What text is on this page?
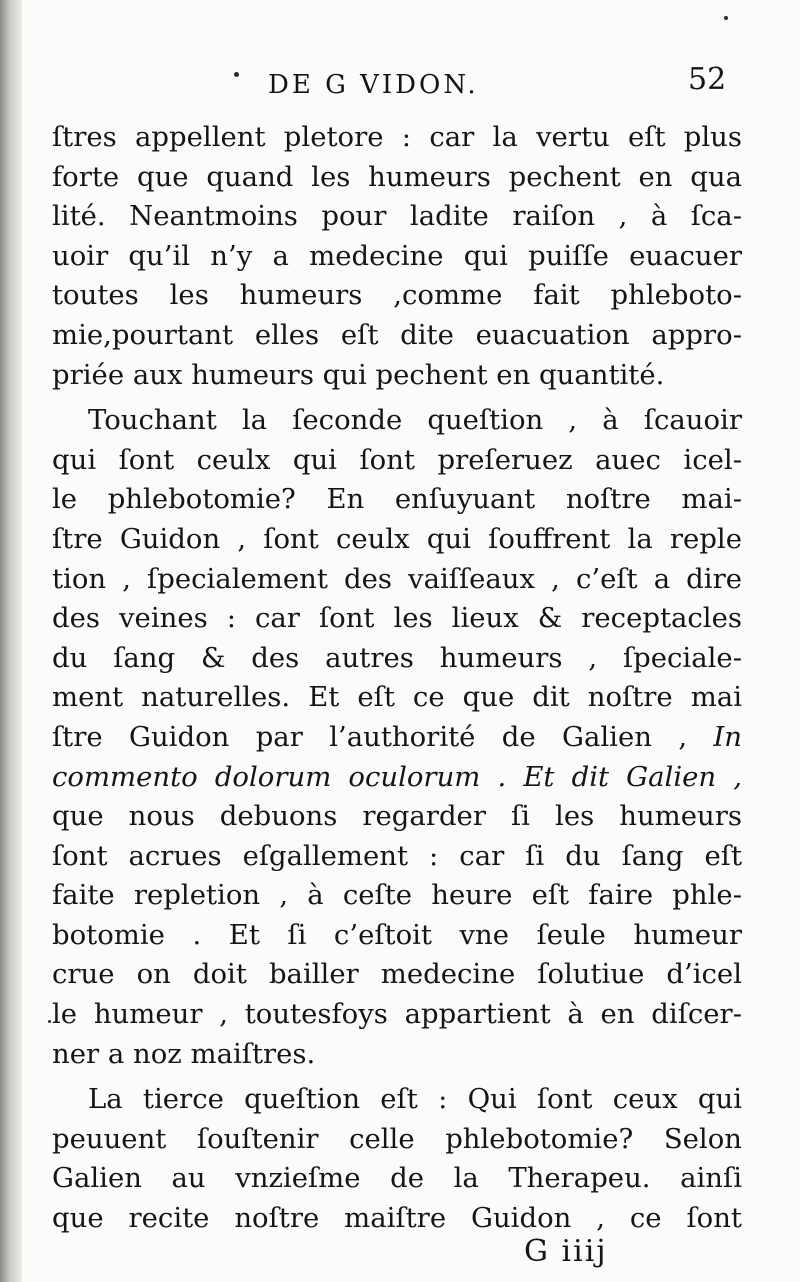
DE G VIDON.	52
ſtres appellent pletore : car la vertu eſt plus
forte que quand les humeurs pechent en qua
lité. Neantmoins pour ladite raiſon , à ſca-
uoir qu’il n’y a medecine qui puiſſe euacuer
toutes les humeurs ,comme fait phleboto-
mie,pourtant elles eſt dite euacuation appro-
priée aux humeurs qui pechent en quantité.
Touchant la ſeconde queſtion , à ſcauoir
qui ſont ceulx qui ſont preſeruez auec icel-
le phlebotomie? En enſuyuant noſtre mai-
ſtre Guidon , ſont ceulx qui ſouffrent la reple
tion , ſpecialement des vaiſſeaux , c’eſt a dire
des veines : car ſont les lieux & receptacles
du ſang & des autres humeurs , ſpeciale-
ment naturelles. Et eſt ce que dit noſtre mai
ſtre Guidon par l’authorité de Galien , In
commento dolorum oculorum . Et dit Galien ,
que nous debuons regarder ſi les humeurs
ſont acrues eſgallement : car ſi du ſang eſt
faite repletion , à ceſte heure eſt faire phle-
botomie . Et ſi c’eſtoit vne ſeule humeur
crue on doit bailler medecine ſolutiue d’icel
le humeur , toutesfoys appartient à en diſcer-
ner a noz maiſtres.
La tierce queſtion eſt : Qui ſont ceux qui
peuuent ſouſtenir celle phlebotomie? Selon
Galien au vnzieſme de la Therapeu. ainſi
que recite noſtre maiſtre Guidon , ce ſont
G iiij
